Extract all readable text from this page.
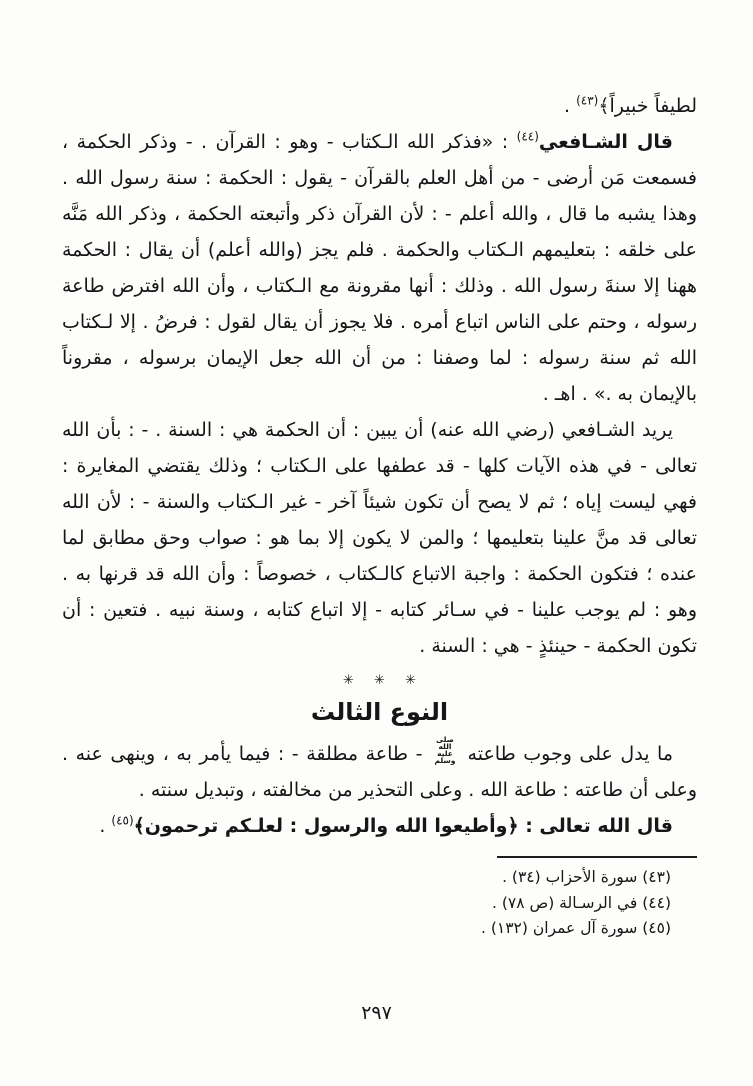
لطيفاً خبيراً﴾$^{(٤٣)}$ .

قال الشـافعي$^{(٤٤)}$ : «فذكر الله الـكتاب - وهو : القرآن . - وذكر الحكمة ، فسمعت مَن أرضى - من أهل العلم بالقرآن - يقول : الحكمة : سنة رسول الله . وهذا يشبه ما قال ، والله أعلم - : لأن القرآن ذكر وأتبعته الحكمة ، وذكر الله مَنَّه على خلقه : بتعليمهم الـكتاب والحكمة . فلم يجز (والله أعلم) أن يقال : الحكمة ههنا إلا سنةَ رسول الله . وذلك : أنها مقرونة مع الـكتاب ، وأن الله افترض طاعة رسوله ، وحتم على الناس اتباع أمره . فلا يجوز أن يقال لقول : فرضُ . إلا لـكتاب الله ثم سنة رسوله : لما وصفنا : من أن الله جعل الإيمان برسوله ، مقروناً بالإيمان به .» . اهـ .

يريد الشـافعي (رضي الله عنه) أن يبين : أن الحكمة هي : السنة . - : بأن الله تعالى - في هذه الآيات كلها - قد عطفها على الـكتاب ؛ وذلك يقتضي المغايرة : فهي ليست إياه ؛ ثم لا يصح أن تكون شيئاً آخر - غير الـكتاب والسنة - : لأن الله تعالى قد منَّ علينا بتعليمها ؛ والمن لا يكون إلا بما هو : صواب وحق مطابق لما عنده ؛ فتكون الحكمة : واجبة الاتباع كالـكتاب ، خصوصاً : وأن الله قد قرنها به . وهو : لم يوجب علينا - في سـائر كتابه - إلا اتباع كتابه ، وسنة نبيه . فتعين : أن تكون الحكمة - حينئذٍ - هي : السنة .

✳ ✳ ✳
النوع الثالث

ما يدل على وجوب طاعته صلى الله عليه وسلم - طاعة مطلقة - : فيما يأمر به ، وينهى عنه . وعلى أن طاعته : طاعة الله . وعلى التحذير من مخالفته ، وتبديل سنته .

قال الله تعالى : ﴿وأطيعوا الله والرسول : لعلـكم ترحمون﴾$^{(٤٥)}$ .

(٤٣) سورة الأحزاب (٣٤) .
(٤٤) في الرسـالة (ص ٧٨) .
(٤٥) سورة آل عمران (١٣٢) .
٢٩٧
